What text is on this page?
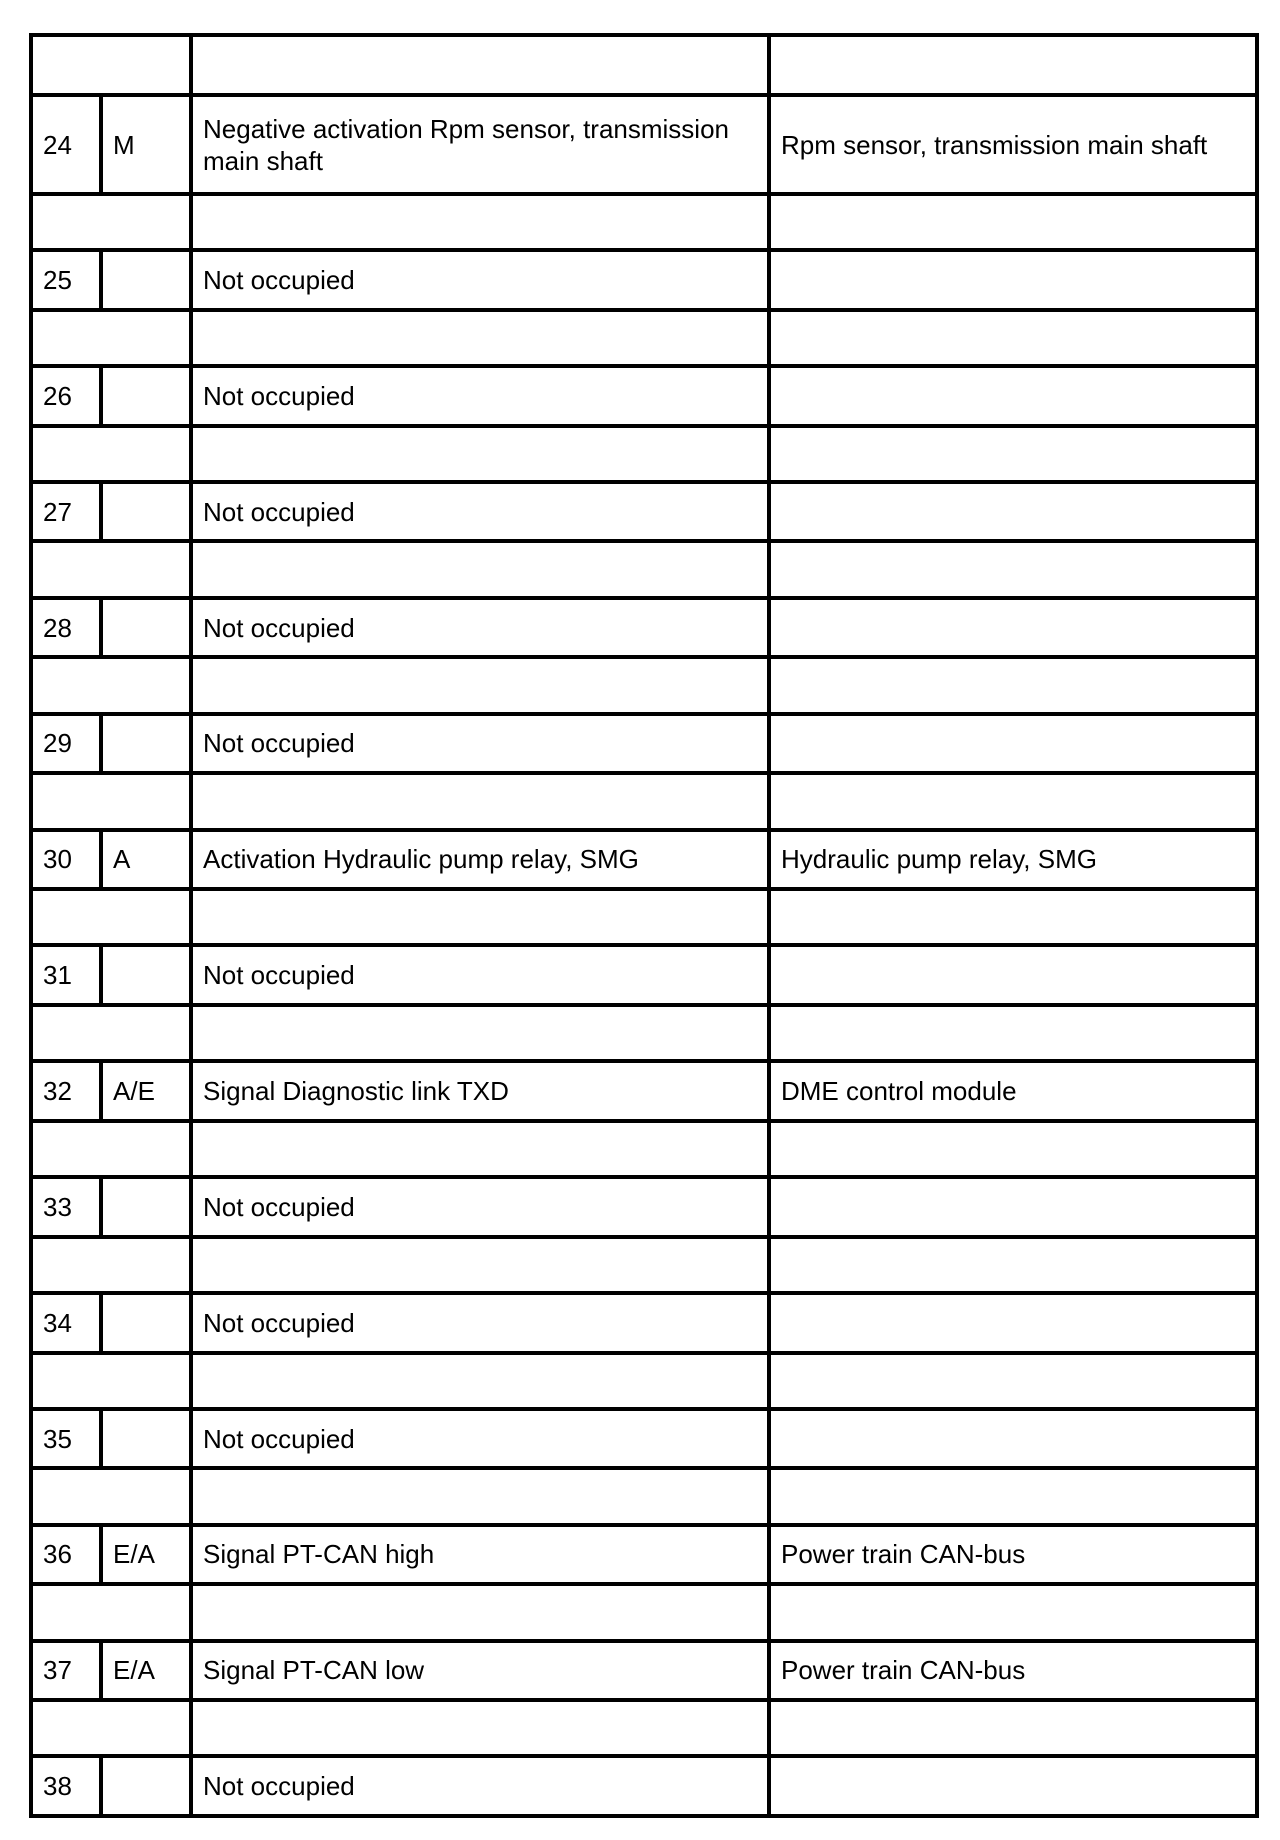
24	M	Negative activation Rpm sensor, transmission main shaft	Rpm sensor, transmission main shaft

25		Not occupied	

26		Not occupied	

27		Not occupied	

28		Not occupied	

29		Not occupied	

30	A	Activation Hydraulic pump relay, SMG	Hydraulic pump relay, SMG

31		Not occupied	

32	A/E	Signal Diagnostic link TXD	DME control module

33		Not occupied	

34		Not occupied	

35		Not occupied	

36	E/A	Signal PT-CAN high	Power train CAN-bus

37	E/A	Signal PT-CAN low	Power train CAN-bus

38		Not occupied	
